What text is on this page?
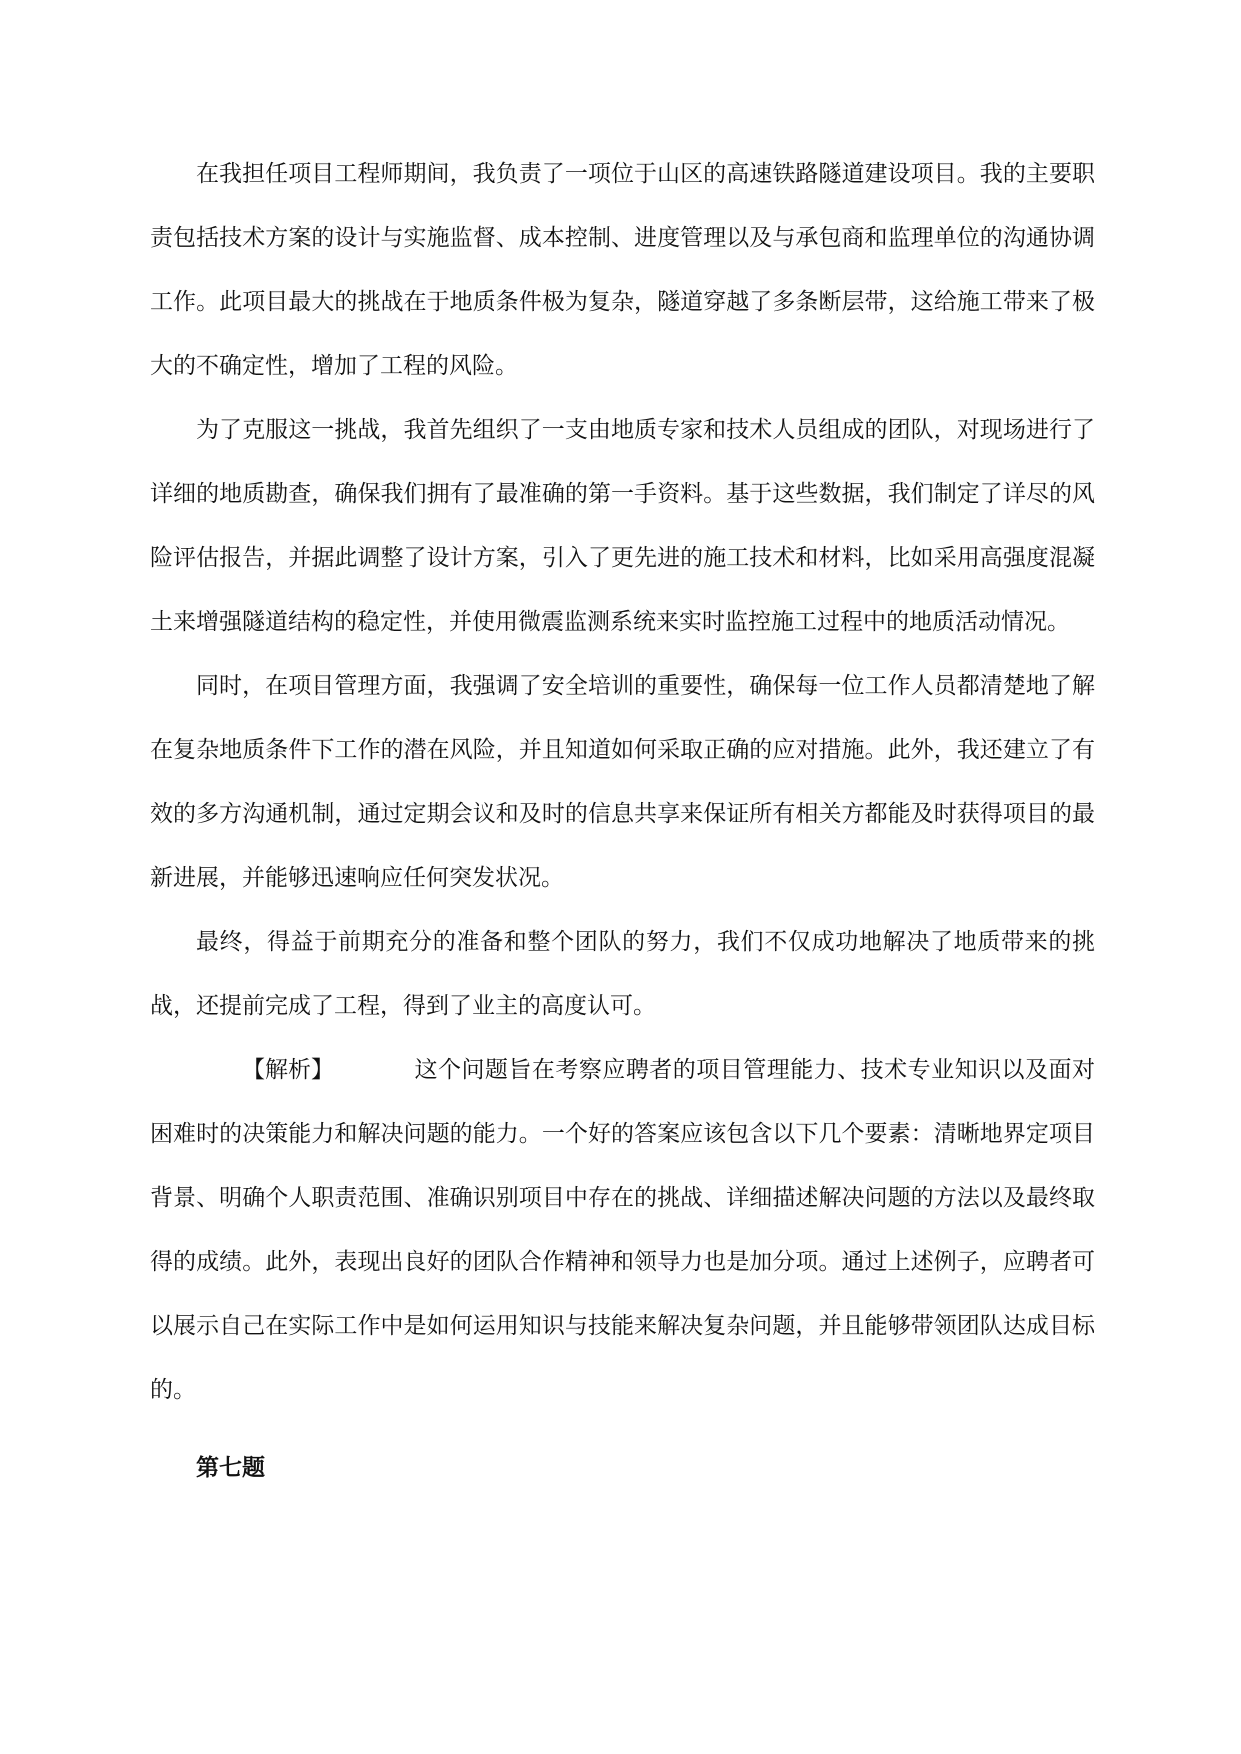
在我担任项目工程师期间，我负责了一项位于山区的高速铁路隧道建设项目。我的主要职责包括技术方案的设计与实施监督、成本控制、进度管理以及与承包商和监理单位的沟通协调工作。此项目最大的挑战在于地质条件极为复杂，隧道穿越了多条断层带，这给施工带来了极大的不确定性，增加了工程的风险。

为了克服这一挑战，我首先组织了一支由地质专家和技术人员组成的团队，对现场进行了详细的地质勘查，确保我们拥有了最准确的第一手资料。基于这些数据，我们制定了详尽的风险评估报告，并据此调整了设计方案，引入了更先进的施工技术和材料，比如采用高强度混凝土来增强隧道结构的稳定性，并使用微震监测系统来实时监控施工过程中的地质活动情况。

同时，在项目管理方面，我强调了安全培训的重要性，确保每一位工作人员都清楚地了解在复杂地质条件下工作的潜在风险，并且知道如何采取正确的应对措施。此外，我还建立了有效的多方沟通机制，通过定期会议和及时的信息共享来保证所有相关方都能及时获得项目的最新进展，并能够迅速响应任何突发状况。

最终，得益于前期充分的准备和整个团队的努力，我们不仅成功地解决了地质带来的挑战，还提前完成了工程，得到了业主的高度认可。

【解析】	这个问题旨在考察应聘者的项目管理能力、技术专业知识以及面对困难时的决策能力和解决问题的能力。一个好的答案应该包含以下几个要素：清晰地界定项目背景、明确个人职责范围、准确识别项目中存在的挑战、详细描述解决问题的方法以及最终取得的成绩。此外，表现出良好的团队合作精神和领导力也是加分项。通过上述例子，应聘者可以展示自己在实际工作中是如何运用知识与技能来解决复杂问题，并且能够带领团队达成目标的。

第七题
